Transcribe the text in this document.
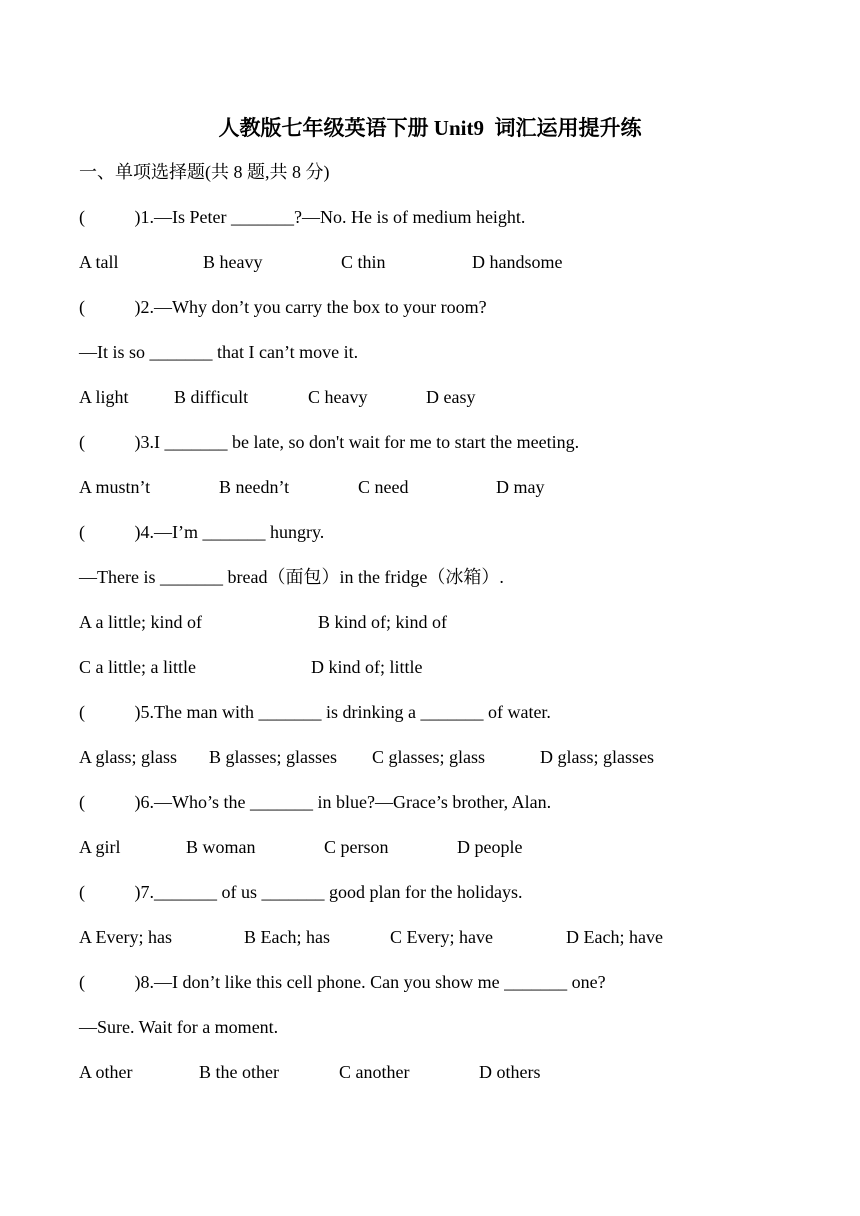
人教版七年级英语下册 Unit9  词汇运用提升练
一、单项选择题(共 8 题,共 8 分)
(           )1.—Is Peter _______?—No. He is of medium height.

A tall

	B heavy

	C thin

	D handsome

(           )2.—Why don’t you carry the box to your room?
—It is so _______ that I can’t move it.

A light

	B difficult

	C heavy

	D easy

(           )3.I _______ be late, so don't wait for me to start the meeting.

A mustn’t

	B needn’t

	C need

	D may

(           )4.—I’m _______ hungry.
—There is _______ bread（面包）in the fridge（冰箱）.

A a little; kind of

	B kind of; kind of

C a little; a little

	D kind of; little

(           )5.The man with _______ is drinking a _______ of water.

A glass; glass

B glasses; glasses

C glasses; glass

	D glass; glasses

(           )6.—Who’s the _______ in blue?—Grace’s brother, Alan.

A girl

	B woman

	C person

	D people

(           )7._______ of us _______ good plan for the holidays.

A Every; has

	B Each; has

	C Every; have

	D Each; have

(           )8.—I don’t like this cell phone. Can you show me _______ one?
—Sure. Wait for a moment.

A other

	B the other

	C another

	D others
